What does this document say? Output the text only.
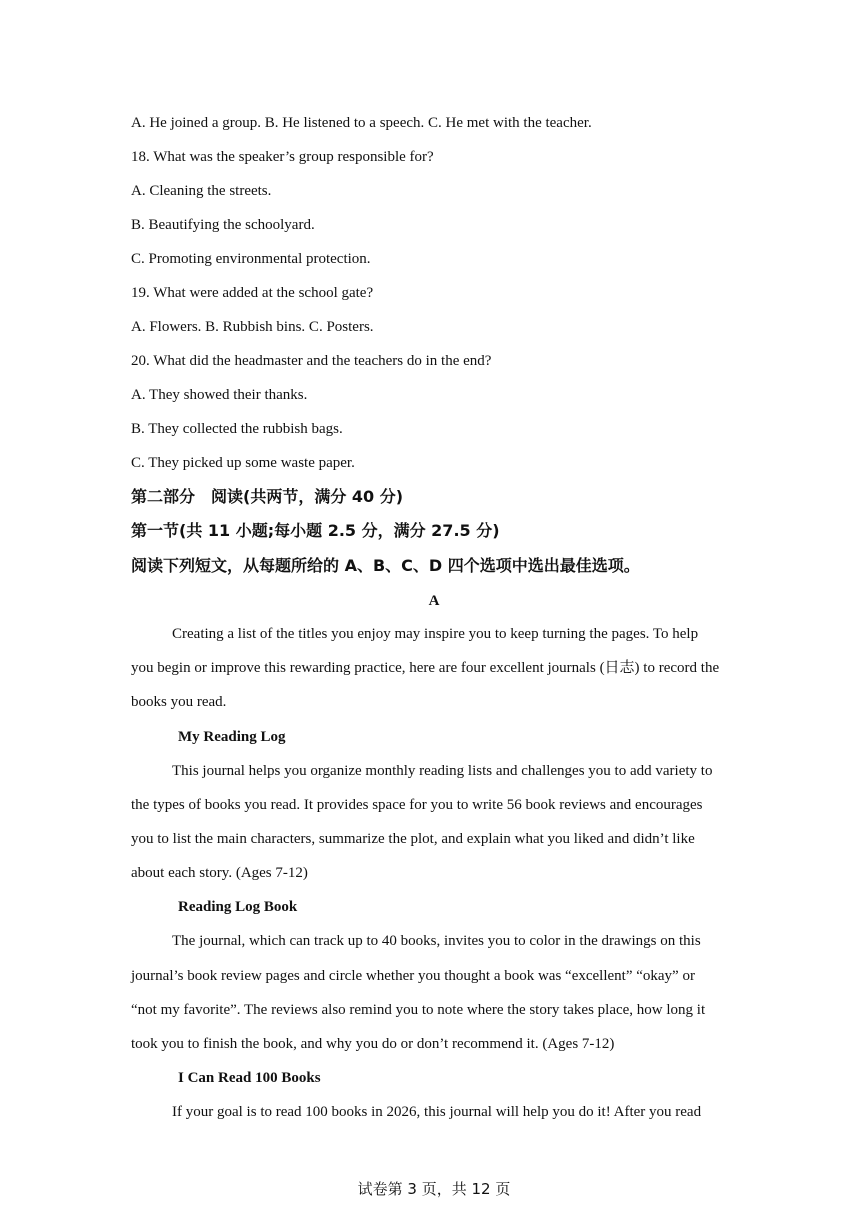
A. He joined a group. B. He listened to a speech. C. He met with the teacher.
18. What was the speaker’s group responsible for?
A. Cleaning the streets.
B. Beautifying the schoolyard.
C. Promoting environmental protection.
19. What were added at the school gate?
A. Flowers. B. Rubbish bins. C. Posters.
20. What did the headmaster and the teachers do in the end?
A. They showed their thanks.
B. They collected the rubbish bags.
C. They picked up some waste paper.
第二部分　阅读(共两节，满分 40 分)
第一节(共 11 小题;每小题 2.5 分，满分 27.5 分)
阅读下列短文，从每题所给的 A、B、C、D 四个选项中选出最佳选项。
A
Creating a list of the titles you enjoy may inspire you to keep turning the pages. To help
you begin or improve this rewarding practice, here are four excellent journals (日志) to record the
books you read.
My Reading Log
This journal helps you organize monthly reading lists and challenges you to add variety to
the types of books you read. It provides space for you to write 56 book reviews and encourages
you to list the main characters, summarize the plot, and explain what you liked and didn’t like
about each story. (Ages 7-12)
Reading Log Book
The journal, which can track up to 40 books, invites you to color in the drawings on this
journal’s book review pages and circle whether you thought a book was “excellent” “okay” or
“not my favorite”. The reviews also remind you to note where the story takes place, how long it
took you to finish the book, and why you do or don’t recommend it. (Ages 7-12)
I Can Read 100 Books
If your goal is to read 100 books in 2026, this journal will help you do it! After you read
试卷第 3 页，共 12 页
